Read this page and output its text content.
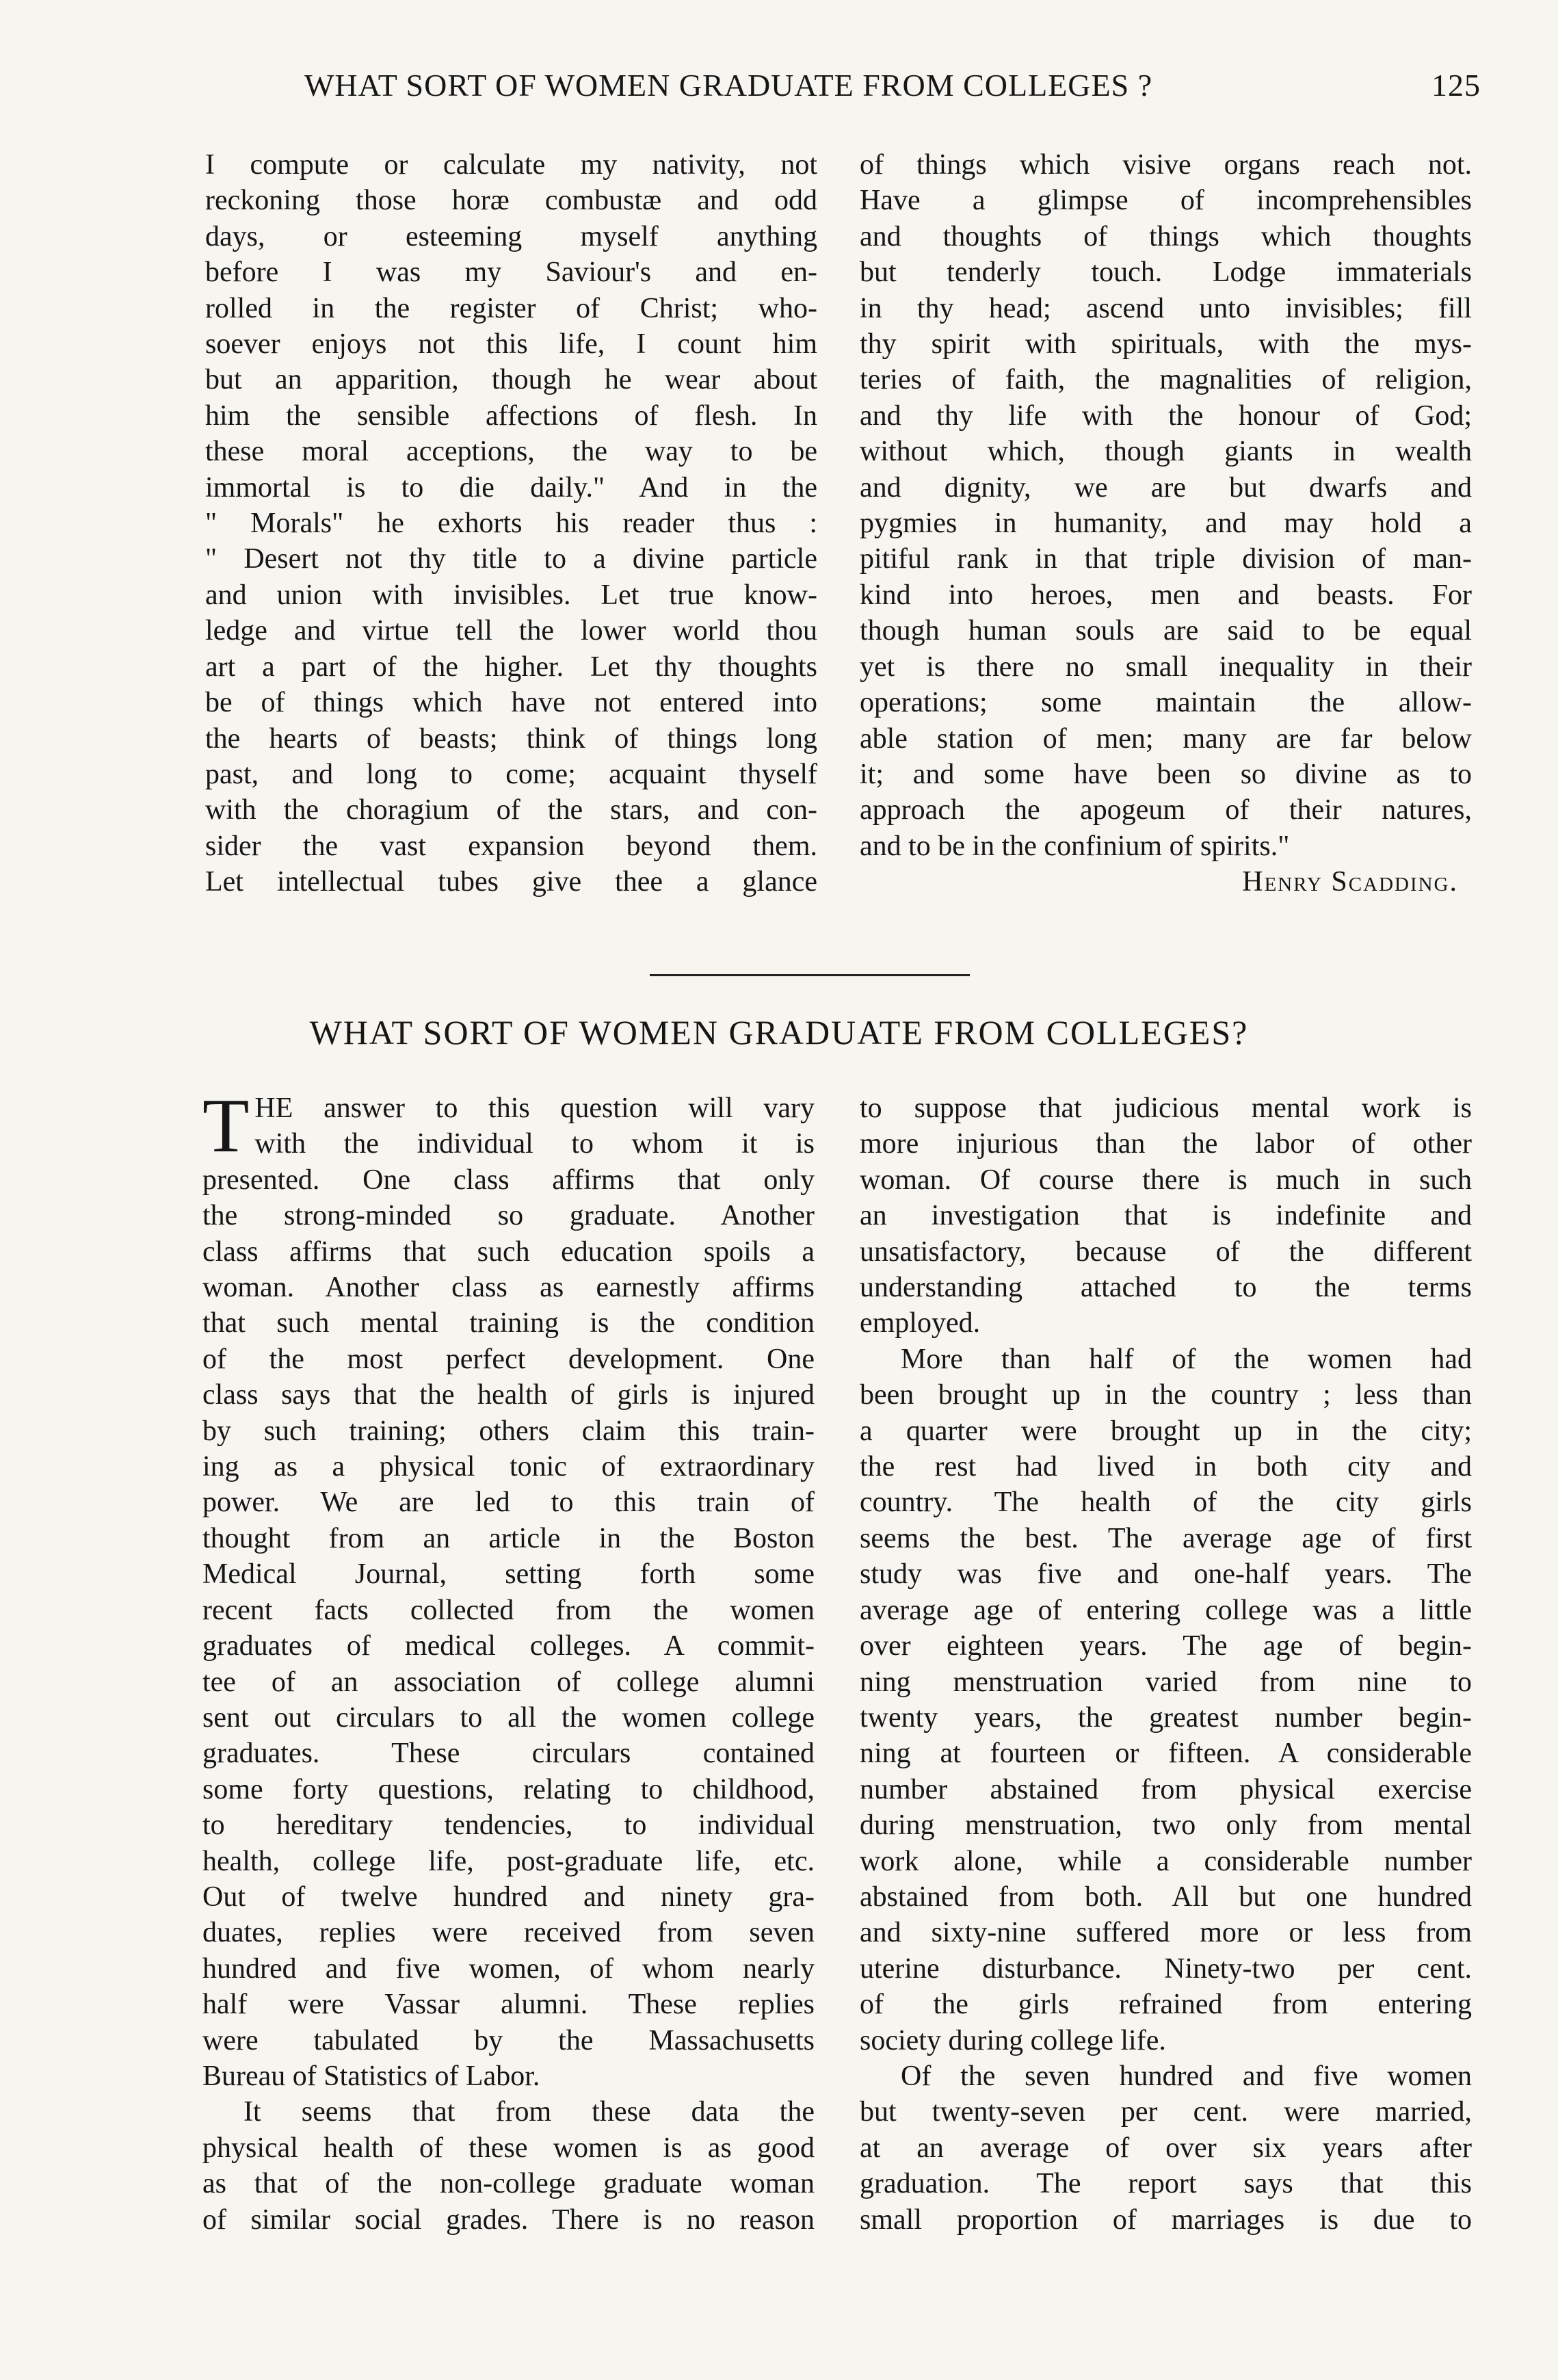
WHAT SORT OF WOMEN GRADUATE FROM COLLEGES ?	125
I compute or calculate my nativity, not
reckoning those horæ combustæ and odd
days, or esteeming myself anything
before I was my Saviour's and en-
rolled in the register of Christ; who-
soever enjoys not this life, I count him
but an apparition, though he wear about
him the sensible affections of flesh. In
these moral acceptions, the way to be
immortal is to die daily." And in the
" Morals" he exhorts his reader thus :
" Desert not thy title to a divine particle
and union with invisibles. Let true know-
ledge and virtue tell the lower world thou
art a part of the higher. Let thy thoughts
be of things which have not entered into
the hearts of beasts; think of things long
past, and long to come; acquaint thyself
with the choragium of the stars, and con-
sider the vast expansion beyond them.
Let intellectual tubes give thee a glance
of things which visive organs reach not.
Have a glimpse of incomprehensibles
and thoughts of things which thoughts
but tenderly touch. Lodge immaterials
in thy head; ascend unto invisibles; fill
thy spirit with spirituals, with the mys-
teries of faith, the magnalities of religion,
and thy life with the honour of God;
without which, though giants in wealth
and dignity, we are but dwarfs and
pygmies in humanity, and may hold a
pitiful rank in that triple division of man-
kind into heroes, men and beasts. For
though human souls are said to be equal
yet is there no small inequality in their
operations; some maintain the allow-
able station of men; many are far below
it; and some have been so divine as to
approach the apogeum of their natures,
and to be in the confinium of spirits."
Henry Scadding.
WHAT SORT OF WOMEN GRADUATE FROM COLLEGES?
T HE answer to this question will vary
with the individual to whom it is
presented. One class affirms that only
the strong-minded so graduate. Another
class affirms that such education spoils a
woman. Another class as earnestly affirms
that such mental training is the condition
of the most perfect development. One
class says that the health of girls is injured
by such training; others claim this train-
ing as a physical tonic of extraordinary
power. We are led to this train of
thought from an article in the Boston
Medical Journal, setting forth some
recent facts collected from the women
graduates of medical colleges. A commit-
tee of an association of college alumni
sent out circulars to all the women college
graduates. These circulars contained
some forty questions, relating to childhood,
to hereditary tendencies, to individual
health, college life, post-graduate life, etc.
Out of twelve hundred and ninety gra-
duates, replies were received from seven
hundred and five women, of whom nearly
half were Vassar alumni. These replies
were tabulated by the Massachusetts
Bureau of Statistics of Labor.
It seems that from these data the
physical health of these women is as good
as that of the non-college graduate woman
of similar social grades. There is no reason
to suppose that judicious mental work is
more injurious than the labor of other
woman. Of course there is much in such
an investigation that is indefinite and
unsatisfactory, because of the different
understanding attached to the terms
employed.
More than half of the women had
been brought up in the country ; less than
a quarter were brought up in the city;
the rest had lived in both city and
country. The health of the city girls
seems the best. The average age of first
study was five and one-half years. The
average age of entering college was a little
over eighteen years. The age of begin-
ning menstruation varied from nine to
twenty years, the greatest number begin-
ning at fourteen or fifteen. A considerable
number abstained from physical exercise
during menstruation, two only from mental
work alone, while a considerable number
abstained from both. All but one hundred
and sixty-nine suffered more or less from
uterine disturbance. Ninety-two per cent.
of the girls refrained from entering
society during college life.
Of the seven hundred and five women
but twenty-seven per cent. were married,
at an average of over six years after
graduation. The report says that this
small proportion of marriages is due to
